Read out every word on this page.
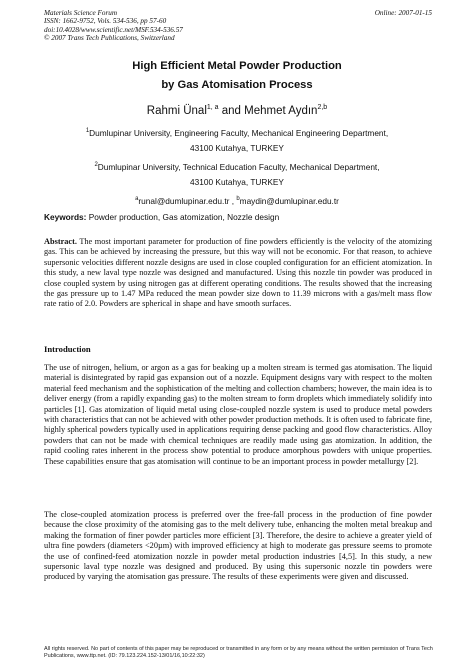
Materials Science Forum
ISSN: 1662-9752, Vols. 534-536, pp 57-60
doi:10.4028/www.scientific.net/MSF.534-536.57
© 2007 Trans Tech Publications, Switzerland
Online: 2007-01-15
High Efficient Metal Powder Production
by Gas Atomisation Process
Rahmi Ünal$^{1, a}$ and Mehmet Aydın$^{2,b}$
$^1$Dumlupinar University, Engineering Faculty, Mechanical Engineering Department,
43100 Kutahya, TURKEY
$^2$Dumlupinar University, Technical Education Faculty, Mechanical Department,
43100 Kutahya, TURKEY
$^a$runal@dumlupinar.edu.tr , $^b$maydin@dumlupinar.edu.tr
Keywords: Powder production, Gas atomization, Nozzle design

Abstract. The most important parameter for production of fine powders efficiently is the velocity of the atomizing gas. This can be achieved by increasing the pressure, but this way will not be economic. For that reason, to achieve supersonic velocities different nozzle designs are used in close coupled configuration for an efficient atomization. In this study, a new laval type nozzle was designed and manufactured. Using this nozzle tin powder was produced in close coupled system by using nitrogen gas at different operating conditions. The results showed that the increasing the gas pressure up to 1.47 MPa reduced the mean powder size down to 11.39 microns with a gas/melt mass flow rate ratio of 2.0. Powders are spherical in shape and have smooth surfaces.

Introduction

The use of nitrogen, helium, or argon as a gas for beaking up a molten stream is termed gas atomisation. The liquid material is disintegrated by rapid gas expansion out of a nozzle. Equipment designs vary with respect to the molten material feed mechanism and the sophistication of the melting and collection chambers; however, the main idea is to deliver energy (from a rapidly expanding gas) to the molten stream to form droplets which immediately solidify into particles [1]. Gas atomization of liquid metal using close-coupled nozzle system is used to produce metal powders with characteristics that can not be achieved with other powder production methods. It is often used to fabricate fine, highly spherical powders typically used in applications requiring dense packing and good flow characteristics. Alloy powders that can not be made with chemical techniques are readily made using gas atomization. In addition, the rapid cooling rates inherent in the process show potential to produce amorphous powders with unique properties. These capabilities ensure that gas atomisation will continue to be an important process in powder metallurgy [2].

The close-coupled atomization process is preferred over the free-fall process in the production of fine powder because the close proximity of the atomising gas to the melt delivery tube, enhancing the molten metal breakup and making the formation of finer powder particles more efficient [3]. Therefore, the desire to achieve a greater yield of ultra fine powders (diameters <20µm) with improved efficiency at high to moderate gas pressure seems to promote the use of confined-feed atomization nozzle in powder metal production industries [4,5]. In this study, a new supersonic laval type nozzle was designed and produced. By using this supersonic nozzle tin powders were produced by varying the atomisation gas pressure. The results of these experiments were given and discussed.

All rights reserved. No part of contents of this paper may be reproduced or transmitted in any form or by any means without the written permission of Trans Tech Publications, www.ttp.net. (ID: 79.123.224.152-13/01/16,10:22:32)
